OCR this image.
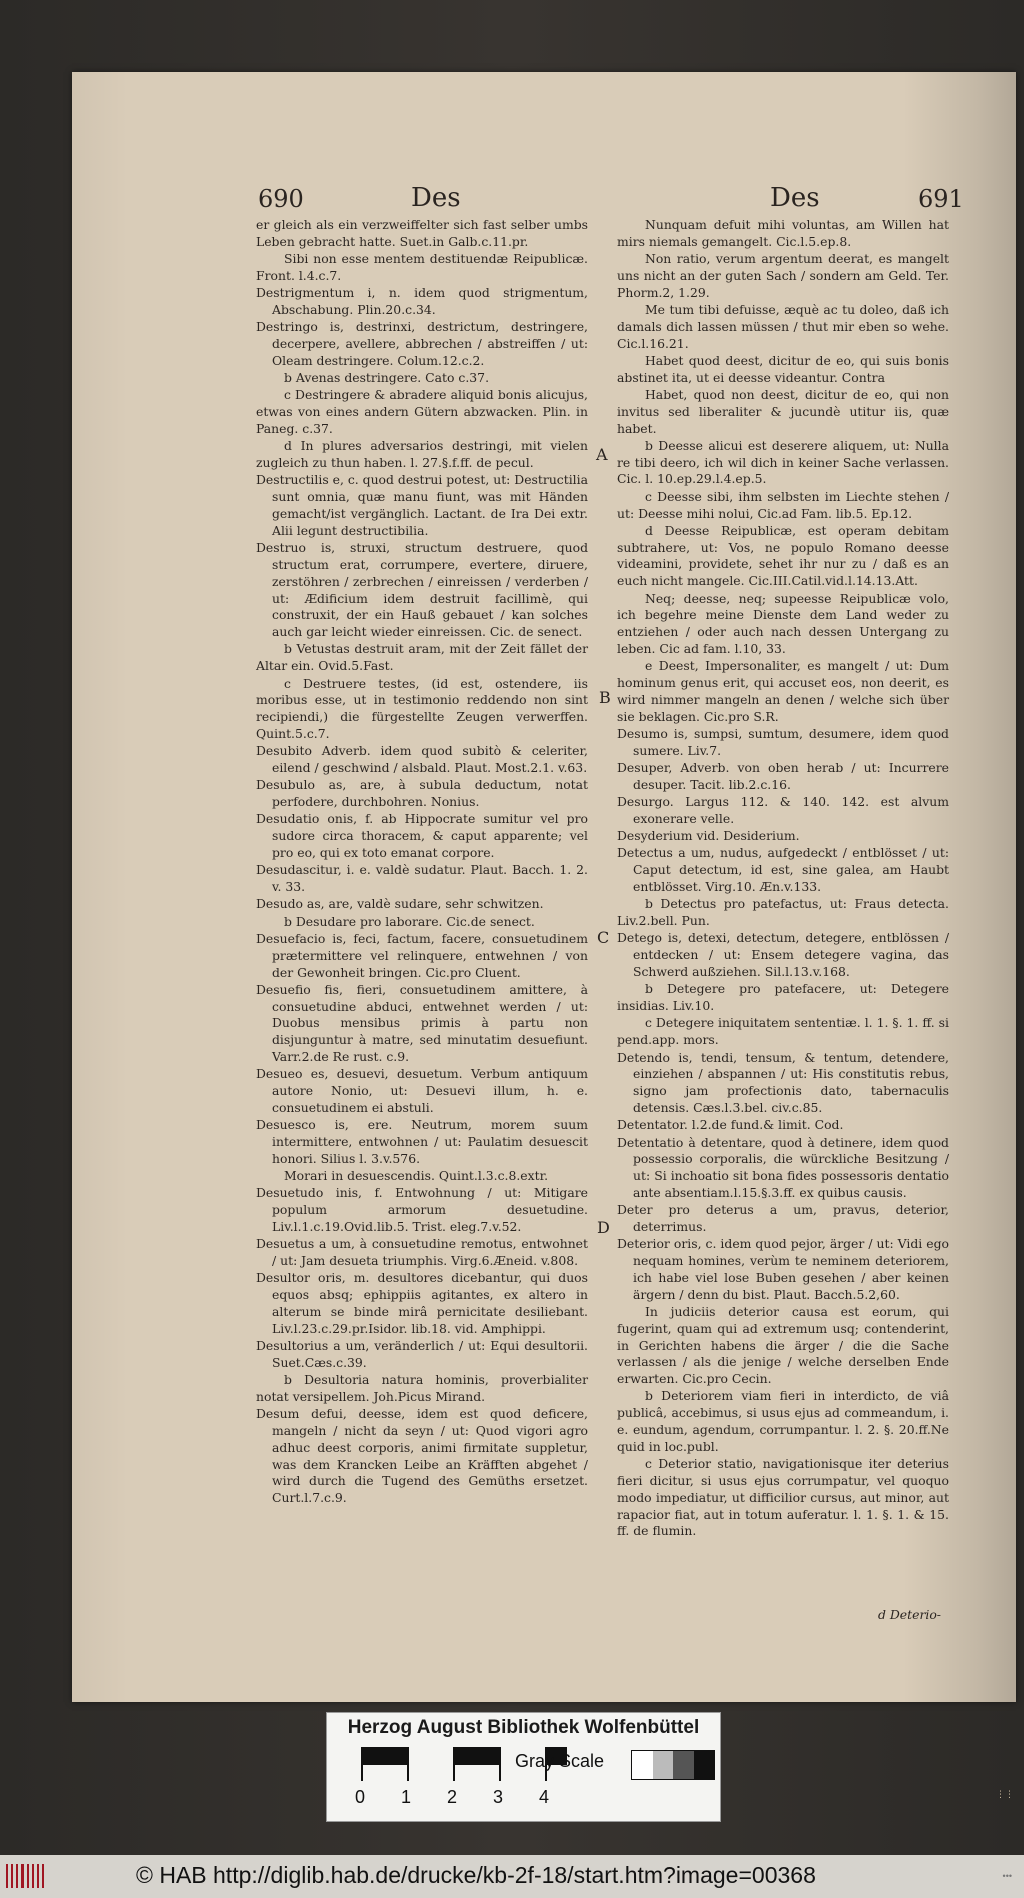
690	Des	Des	691

er gleich als ein verzweiffelter sich fast selber umbs Leben gebracht hatte. Suet.in Galb.c.11.pr.

Sibi non esse mentem destituendæ Reipublicæ. Front. l.4.c.7.

Destrigmentum i, n. idem quod strigmentum, Abschabung. Plin.20.c.34.

Destringo is, destrinxi, destrictum, destringere, decerpere, avellere, abbrechen / abstreiffen / ut: Oleam destringere. Colum.12.c.2.

b Avenas destringere. Cato c.37.

c Destringere & abradere aliquid bonis alicujus, etwas von eines andern Gütern abzwacken. Plin. in Paneg. c.37.

d In plures adversarios destringi, mit vielen zugleich zu thun haben. l. 27.§.f.ff. de pecul.

Destructilis e, c. quod destrui potest, ut: Destructilia sunt omnia, quæ manu fiunt, was mit Händen gemacht/ist vergänglich. Lactant. de Ira Dei extr. Alii legunt destructibilia.

Destruo is, struxi, structum destruere, quod structum erat, corrumpere, evertere, diruere, zerstöhren / zerbrechen / einreissen / verderben / ut: Ædificium idem destruit facillimè, qui construxit, der ein Hauß gebauet / kan solches auch gar leicht wieder einreissen. Cic. de senect.

b Vetustas destruit aram, mit der Zeit fället der Altar ein. Ovid.5.Fast.

c Destruere testes, (id est, ostendere, iis moribus esse, ut in testimonio reddendo non sint recipiendi,) die fürgestellte Zeugen verwerffen. Quint.5.c.7.

Desubito Adverb. idem quod subitò & celeriter, eilend / geschwind / alsbald. Plaut. Most.2.1. v.63.

Desubulo as, are, à subula deductum, notat perfodere, durchbohren. Nonius.

Desudatio onis, f. ab Hippocrate sumitur vel pro sudore circa thoracem, & caput apparente; vel pro eo, qui ex toto emanat corpore.

Desudascitur, i. e. valdè sudatur. Plaut. Bacch. 1. 2. v. 33.

Desudo as, are, valdè sudare, sehr schwitzen.

b Desudare pro laborare. Cic.de senect.

Desuefacio is, feci, factum, facere, consuetudinem prætermittere vel relinquere, entwehnen / von der Gewonheit bringen. Cic.pro Cluent.

Desuefio fis, fieri, consuetudinem amittere, à consuetudine abduci, entwehnet werden / ut: Duobus mensibus primis à partu non disjunguntur à matre, sed minutatim desuefiunt. Varr.2.de Re rust. c.9.

Desueo es, desuevi, desuetum. Verbum antiquum autore Nonio, ut: Desuevi illum, h. e. consuetudinem ei abstuli.

Desuesco is, ere. Neutrum, morem suum intermittere, entwohnen / ut: Paulatim desuescit honori. Silius l. 3.v.576.

Morari in desuescendis. Quint.l.3.c.8.extr.

Desuetudo inis, f. Entwohnung / ut: Mitigare populum armorum desuetudine. Liv.l.1.c.19.Ovid.lib.5. Trist. eleg.7.v.52.

Desuetus a um, à consuetudine remotus, entwohnet / ut: Jam desueta triumphis. Virg.6.Æneid. v.808.

Desultor oris, m. desultores dicebantur, qui duos equos absq; ephippiis agitantes, ex altero in alterum se binde mirâ pernicitate desiliebant. Liv.l.23.c.29.pr.Isidor. lib.18. vid. Amphippi.

Desultorius a um, veränderlich / ut: Equi desultorii. Suet.Cæs.c.39.

b Desultoria natura hominis, proverbialiter notat versipellem. Joh.Picus Mirand.

Desum defui, deesse, idem est quod deficere, mangeln / nicht da seyn / ut: Quod vigori agro adhuc deest corporis, animi firmitate suppletur, was dem Krancken Leibe an Kräfften abgehet / wird durch die Tugend des Gemüths ersetzet. Curt.l.7.c.9.

Nunquam defuit mihi voluntas, am Willen hat mirs niemals gemangelt. Cic.l.5.ep.8.

Non ratio, verum argentum deerat, es mangelt uns nicht an der guten Sach / sondern am Geld. Ter. Phorm.2, 1.29.

Me tum tibi defuisse, æquè ac tu doleo, daß ich damals dich lassen müssen / thut mir eben so wehe. Cic.l.16.21.

Habet quod deest, dicitur de eo, qui suis bonis abstinet ita, ut ei deesse videantur. Contra

Habet, quod non deest, dicitur de eo, qui non invitus sed liberaliter & jucundè utitur iis, quæ habet.

b Deesse alicui est deserere aliquem, ut: Nulla re tibi deero, ich wil dich in keiner Sache verlassen. Cic. l. 10.ep.29.l.4.ep.5.

c Deesse sibi, ihm selbsten im Liechte stehen / ut: Deesse mihi nolui, Cic.ad Fam. lib.5. Ep.12.

d Deesse Reipublicæ, est operam debitam subtrahere, ut: Vos, ne populo Romano deesse videamini, providete, sehet ihr nur zu / daß es an euch nicht mangele. Cic.III.Catil.vid.l.14.13.Att.

Neq; deesse, neq; supeesse Reipublicæ volo, ich begehre meine Dienste dem Land weder zu entziehen / oder auch nach dessen Untergang zu leben. Cic ad fam. l.10, 33.

e Deest, Impersonaliter, es mangelt / ut: Dum hominum genus erit, qui accuset eos, non deerit, es wird nimmer mangeln an denen / welche sich über sie beklagen. Cic.pro S.R.

Desumo is, sumpsi, sumtum, desumere, idem quod sumere. Liv.7.

Desuper, Adverb. von oben herab / ut: Incurrere desuper. Tacit. lib.2.c.16.

Desurgo. Largus 112. & 140. 142. est alvum exonerare velle.

Desyderium vid. Desiderium.

Detectus a um, nudus, aufgedeckt / entblösset / ut: Caput detectum, id est, sine galea, am Haubt entblösset. Virg.10. Æn.v.133.

b Detectus pro patefactus, ut: Fraus detecta. Liv.2.bell. Pun.

Detego is, detexi, detectum, detegere, entblössen / entdecken / ut: Ensem detegere vagina, das Schwerd außziehen. Sil.l.13.v.168.

b Detegere pro patefacere, ut: Detegere insidias. Liv.10.

c Detegere iniquitatem sententiæ. l. 1. §. 1. ff. si pend.app. mors.

Detendo is, tendi, tensum, & tentum, detendere, einziehen / abspannen / ut: His constitutis rebus, signo jam profectionis dato, tabernaculis detensis. Cæs.l.3.bel. civ.c.85.

Detentator. l.2.de fund.& limit. Cod.

Detentatio à detentare, quod à detinere, idem quod possessio corporalis, die würckliche Besitzung / ut: Si inchoatio sit bona fides possessoris dentatio ante absentiam.l.15.§.3.ff. ex quibus causis.

Deter pro deterus a um, pravus, deterior, deterrimus.

Deterior oris, c. idem quod pejor, ärger / ut: Vidi ego nequam homines, verùm te neminem deteriorem, ich habe viel lose Buben gesehen / aber keinen ärgern / denn du bist. Plaut. Bacch.5.2,60.

In judiciis deterior causa est eorum, qui fugerint, quam qui ad extremum usq; contenderint, in Gerichten habens die ärger / die die Sache verlassen / als die jenige / welche derselben Ende erwarten. Cic.pro Cecin.

b Deteriorem viam fieri in interdicto, de viâ publicâ, accebimus, si usus ejus ad commeandum, i. e. eundum, agendum, corrumpantur. l. 2. §. 20.ff.Ne quid in loc.publ.

c Deterior statio, navigationisque iter deterius fieri dicitur, si usus ejus corrumpatur, vel quoquo modo impediatur, ut difficilior cursus, aut minor, aut rapacior fiat, aut in totum auferatur. l. 1. §. 1. & 15. ff. de flumin.

A
B
C
D
d Deterio-
⋮⋮
Herzog August Bibliothek Wolfenbüttel
0 1 2 3 4
Gray Scale
© HAB http://diglib.hab.de/drucke/kb-2f-18/start.htm?image=00368	•••
